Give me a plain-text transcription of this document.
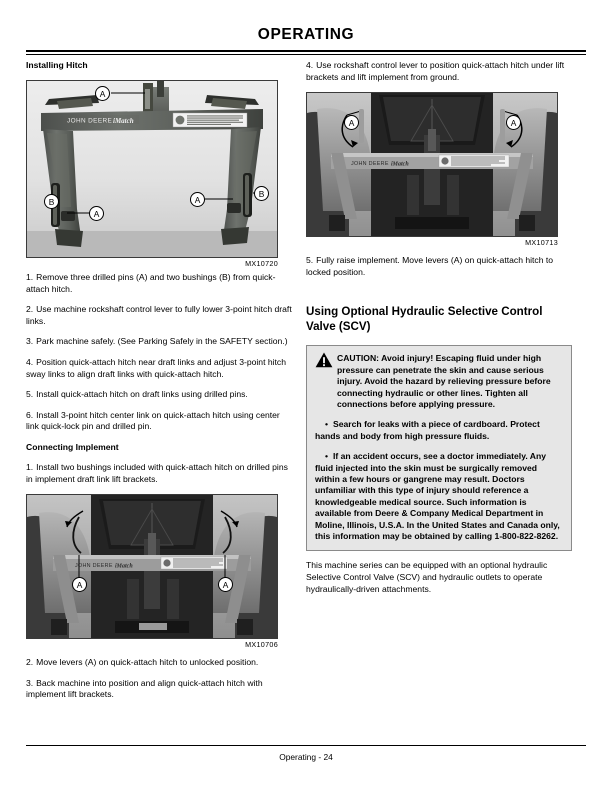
OPERATING
Installing Hitch
JOHN DEERE iMatch
A
B
A
B
A
MX10720

1. Remove three drilled pins (A) and two bushings (B) from quick-attach hitch.

2. Use machine rockshaft control lever to fully lower 3-point hitch draft links.

3. Park machine safely. (See Parking Safely in the SAFETY section.)

4. Position quick-attach hitch near draft links and adjust 3-point hitch sway links to align draft links with quick-attach hitch.

5. Install quick-attach hitch on draft links using drilled pins.

6. Install 3-point hitch center link on quick-attach hitch using center link quick-lock pin and drilled pin.

Connecting Implement

1. Install two bushings included with quick-attach hitch on drilled pins in implement draft link lift brackets.

JOHN DEERE iMatch
A	A
MX10706

2. Move levers (A) on quick-attach hitch to unlocked position.

3. Back machine into position and align quick-attach hitch with implement lift brackets.

4. Use rockshaft control lever to position quick-attach hitch under lift brackets and lift implement from ground.

JOHN DEERE iMatch
A	A
MX10713

5. Fully raise implement. Move levers (A) on quick-attach hitch to locked position.

Using Optional Hydraulic Selective Control Valve (SCV)

CAUTION: Avoid injury! Escaping fluid under high pressure can penetrate the skin and cause serious injury. Avoid the hazard by relieving pressure before connecting hydraulic or other lines. Tighten all connections before applying pressure.

• Search for leaks with a piece of cardboard. Protect hands and body from high pressure fluids.

• If an accident occurs, see a doctor immediately. Any fluid injected into the skin must be surgically removed within a few hours or gangrene may result. Doctors unfamiliar with this type of injury should reference a knowledgeable medical source. Such information is available from Deere & Company Medical Department in Moline, Illinois, U.S.A. In the United States and Canada only, this information may be obtained by calling 1-800-822-8262.

This machine series can be equipped with an optional hydraulic Selective Control Valve (SCV) and hydraulic outlets to operate hydraulically-driven attachments.

Operating - 24
